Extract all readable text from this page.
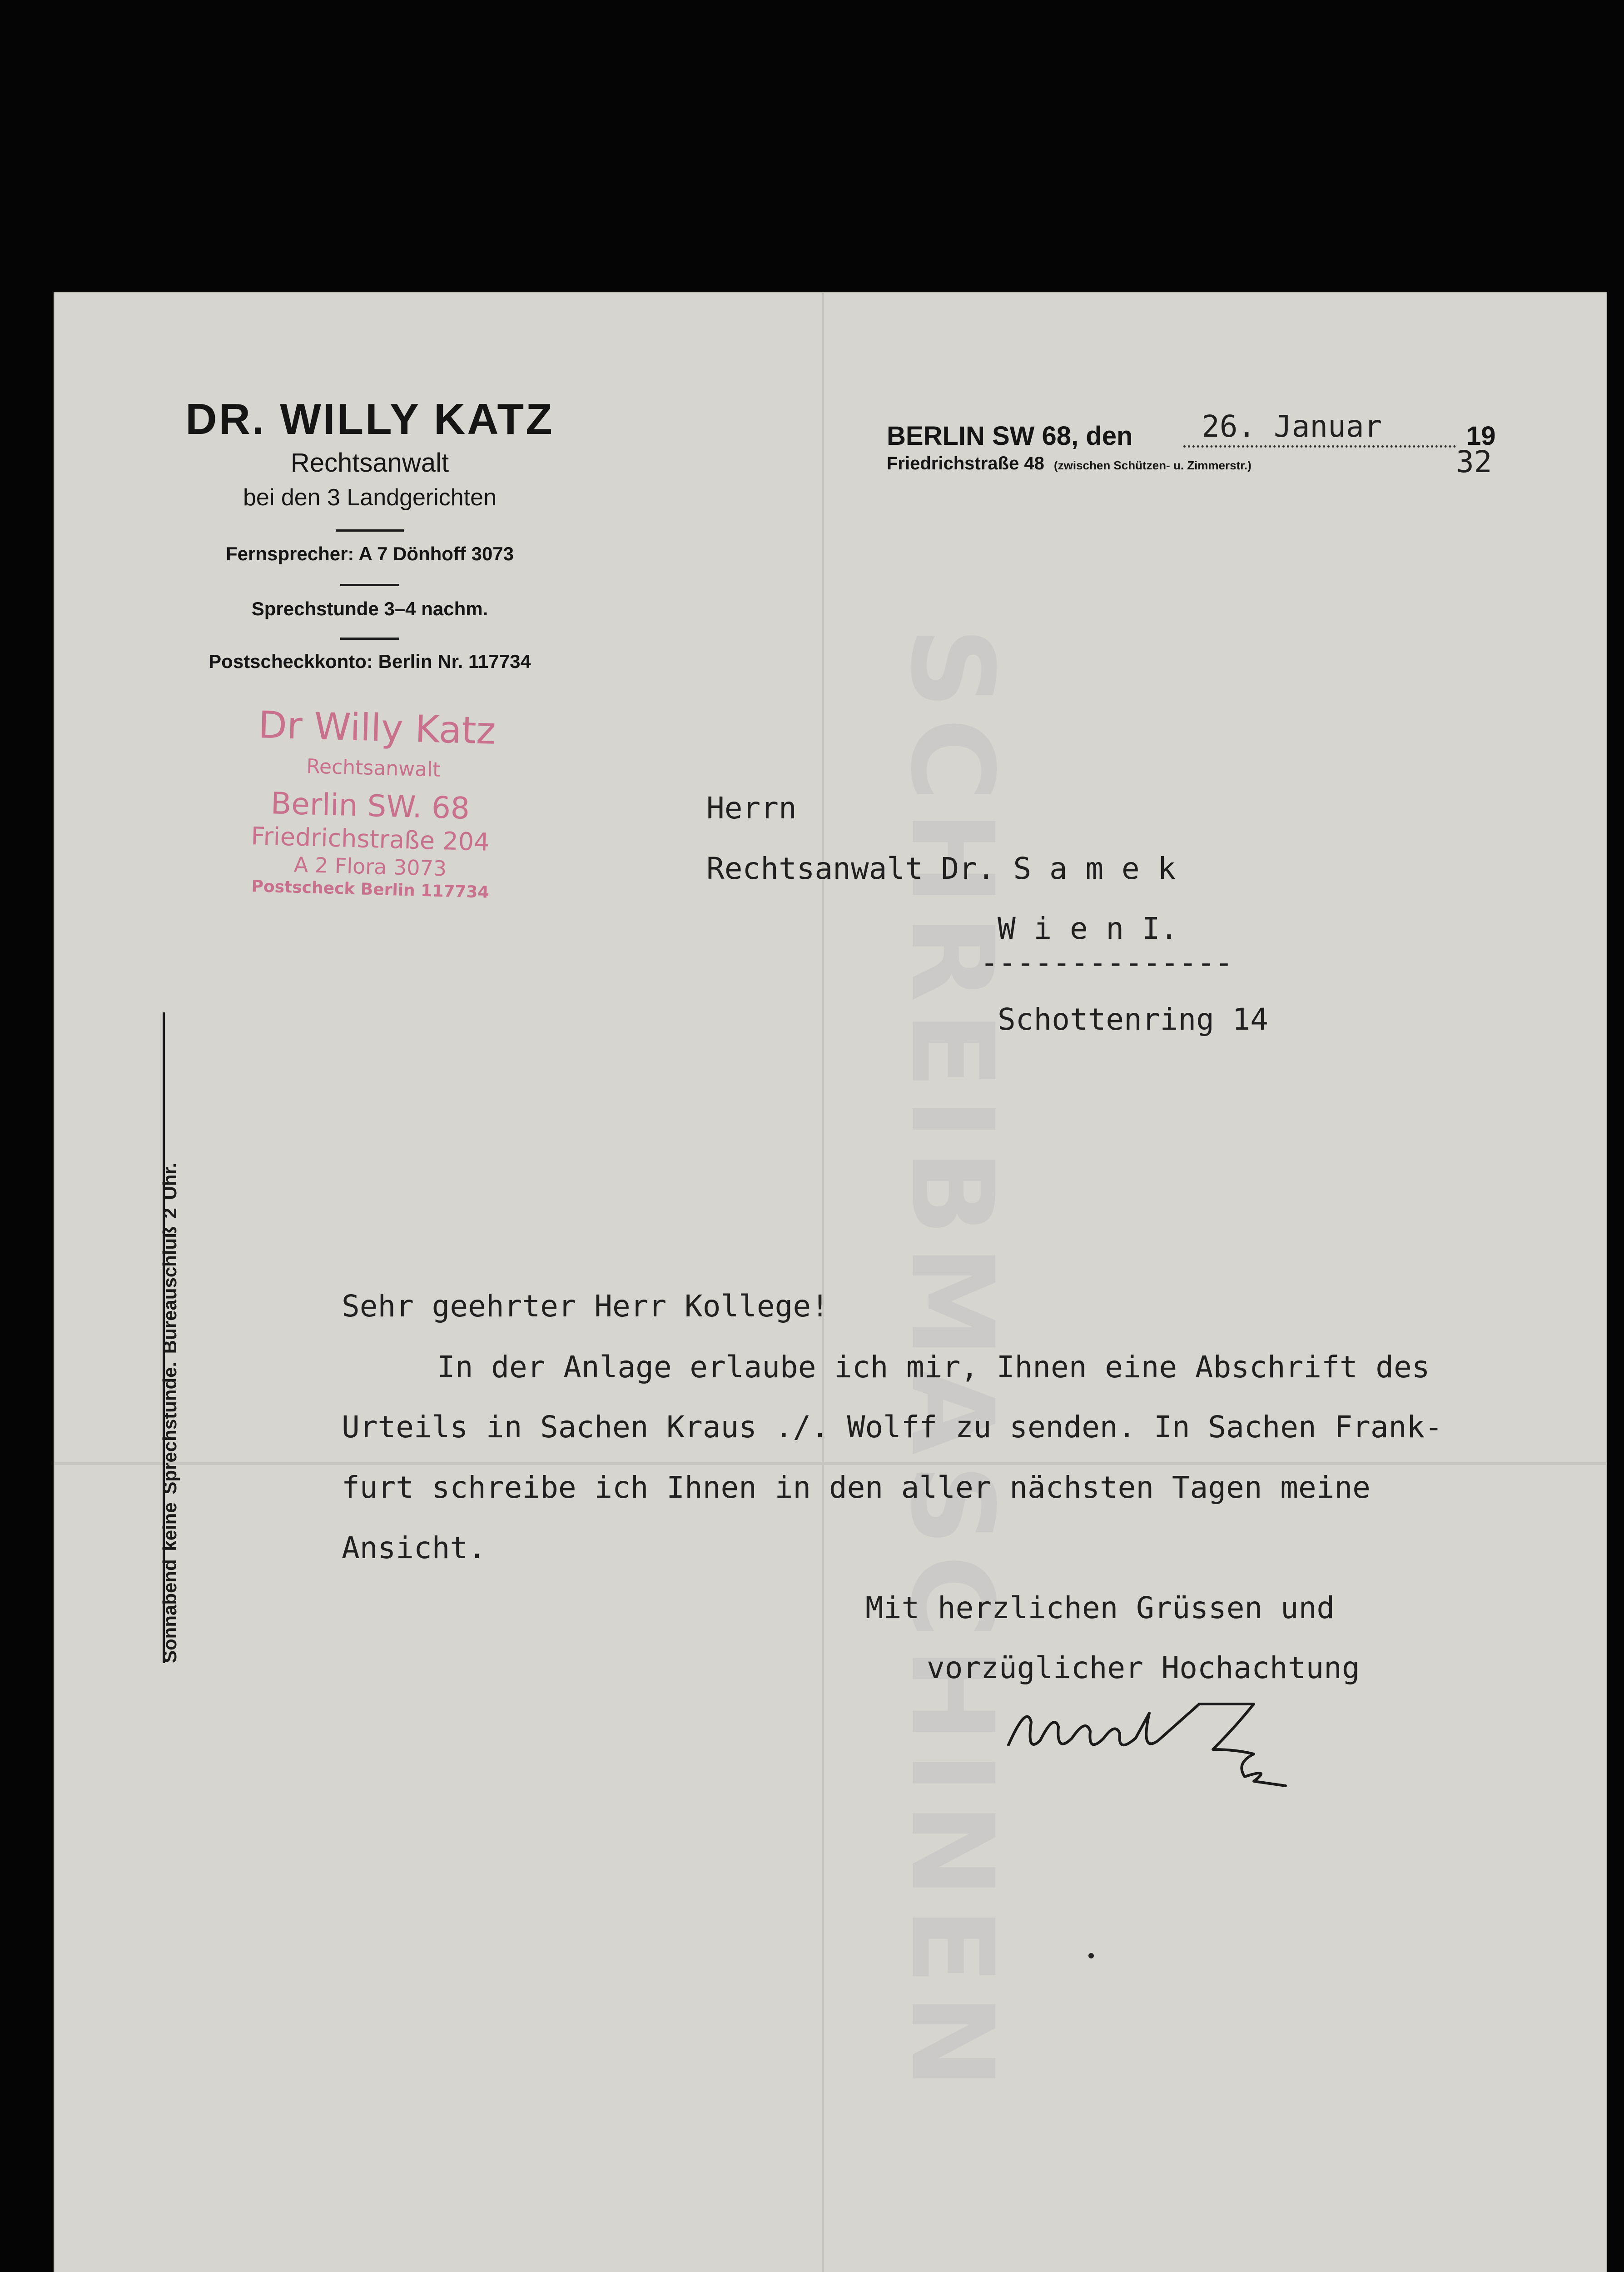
SCHREIBMASCHINEN
DR. WILLY KATZ
Rechtsanwalt
bei den 3 Landgerichten
Fernsprecher: A 7 Dönhoff 3073
Sprechstunde 3–4 nachm.
Postscheckkonto: Berlin Nr. 117734
Sonnabend keine Sprechstunde. Bureauschluß 2 Uhr.
BERLIN SW 68, den 26. Januar	19
32
Friedrichstraße 48 (zwischen Schützen- u. Zimmerstr.)
Dr Willy Katz
Rechtsanwalt
Berlin SW. 68
Friedrichstraße 204
A 2 Flora 3073
Postscheck Berlin 117734
Herrn
Rechtsanwalt Dr. S a m e k
W i e n I.
--------------
Schottenring 14
Sehr geehrter Herr Kollege!
In der Anlage erlaube ich mir, Ihnen eine Abschrift des
Urteils in Sachen Kraus ./. Wolff zu senden. In Sachen Frank-
furt schreibe ich Ihnen in den aller nächsten Tagen meine
Ansicht.
Mit herzlichen Grüssen und
vorzüglicher Hochachtung
